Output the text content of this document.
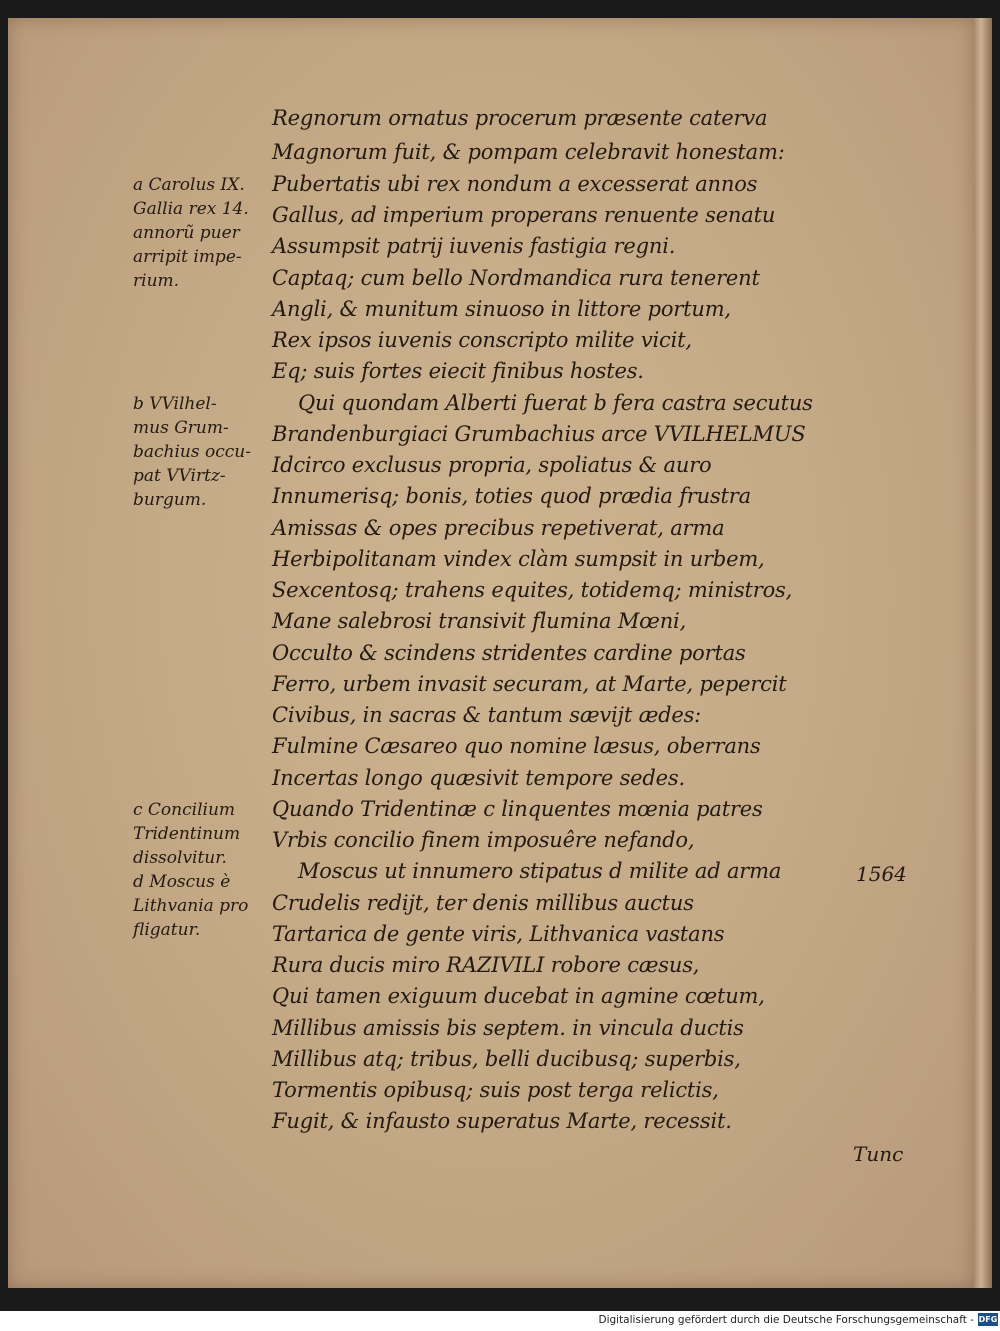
Regnorum ornatus procerum præsente caterva
Magnorum fuit, & pompam celebravit honestam:
Pubertatis ubi rex nondum a excesserat annos
Gallus, ad imperium properans renuente senatu
Assumpsit patrij iuvenis fastigia regni.
Captaq; cum bello Nordmandica rura tenerent
Angli, & munitum sinuoso in littore portum,
Rex ipsos iuvenis conscripto milite vicit,
Eq; suis fortes eiecit finibus hostes.
Qui quondam Alberti fuerat b fera castra secutus
Brandenburgiaci Grumbachius arce VVILHELMUS
Idcirco exclusus propria, spoliatus & auro
Innumerisq; bonis, toties quod prædia frustra
Amissas & opes precibus repetiverat, arma
Herbipolitanam vindex clàm sumpsit in urbem,
Sexcentosq; trahens equites, totidemq; ministros,
Mane salebrosi transivit flumina Mœni,
Occulto & scindens stridentes cardine portas
Ferro, urbem invasit securam, at Marte, pepercit
Civibus, in sacras & tantum sævijt ædes:
Fulmine Cæsareo quo nomine læsus, oberrans
Incertas longo quæsivit tempore sedes.
Quando Tridentinæ c linquentes mœnia patres
Vrbis concilio finem imposuêre nefando,
Moscus ut innumero stipatus d milite ad arma
Crudelis redijt, ter denis millibus auctus
Tartarica de gente viris, Lithvanica vastans
Rura ducis miro RAZIVILI robore cæsus,
Qui tamen exiguum ducebat in agmine cœtum,
Millibus amissis bis septem. in vincula ductis
Millibus atq; tribus, belli ducibusq; superbis,
Tormentis opibusq; suis post terga relictis,
Fugit, & infausto superatus Marte, recessit.
a Carolus IX.
Gallia rex 14.
annorũ puer
arripit impe-
rium.
b VVilhel-
mus Grum-
bachius occu-
pat VVirtz-
burgum.
c Concilium
Tridentinum
dissolvitur.
d Moscus è
Lithvania pro
fligatur.
1564
Tunc
Digitalisierung gefördert durch die Deutsche Forschungsgemeinschaft - DFG
